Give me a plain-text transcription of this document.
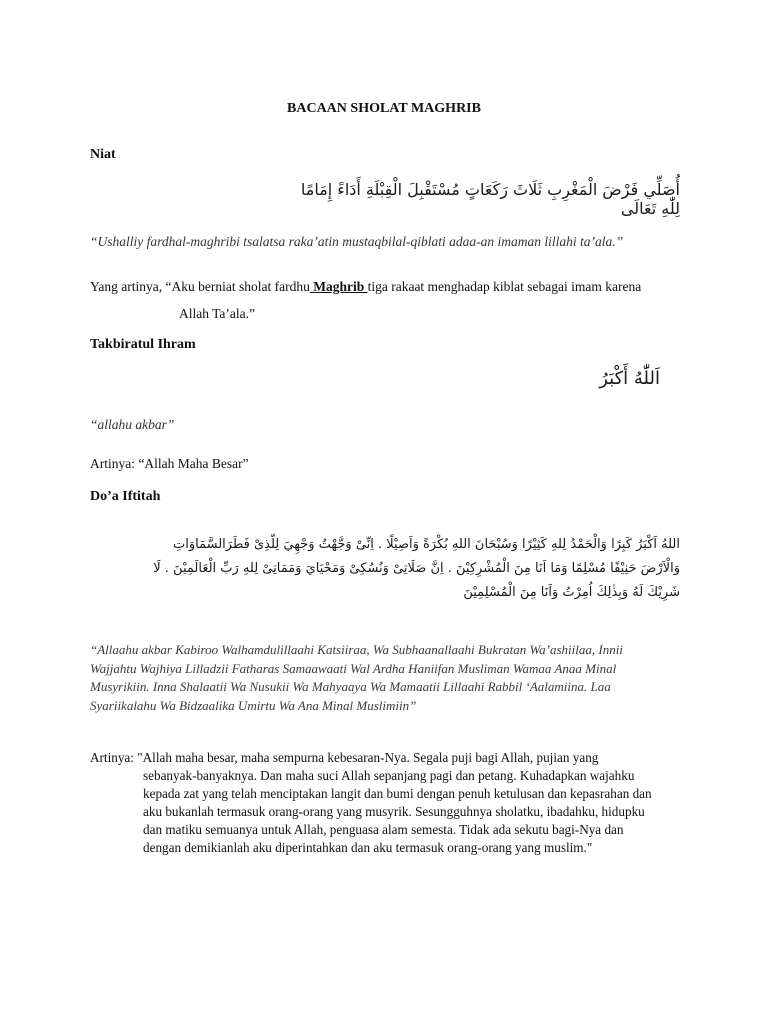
BACAAN SHOLAT MAGHRIB
Niat
أُصَلِّي فَرْضَ الْمَغْرِبِ ثَلَاثَ رَكَعَاتٍ مُسْتَقْبِلَ الْقِبْلَةِ أَدَاءً إِمَامًا لِلّٰهِ تَعَالَى
“Ushalliy fardhal-maghribi tsalatsa raka’atin mustaqbilal-qiblati adaa-an imaman lillahi ta’ala.”
Yang artinya, “Aku berniat sholat fardhu Maghrib tiga rakaat menghadap kiblat sebagai imam karena
Allah Ta’ala.”
Takbiratul Ihram
اَللّٰهُ أَكْبَرُ
“allahu akbar”
Artinya: “Allah Maha Besar”
Do’a Iftitah
اللهُ اَكْبَرُ كَبِرًا وَالْحَمْدُ لِلهِ كَثِيْرًا وَسُبْحَانَ اللهِ بُكْرَةً وَاَصِيْلًا . اِنِّىْ وَجَّهْتُ وَجْهِيَ لِلَّذِىْ فَطَرَالسَّمَاوَاتِ
وَالْاَرْضَ حَنِيْفًا مُسْلِمًا وَمَا اَنَا مِنَ الْمُشْرِكِيْنَ . اِنَّ صَلَاتِىْ وَنُسُكِىْ وَمَحْيَايَ وَمَمَاتِىْ لِلهِ رَبِّ الْعَالَمِيْنَ . لَا
شَرِيْكَ لَهُ وَبِذٰلِكَ اُمِرْتُ وَاَنَا مِنَ الْمُسْلِمِيْنَ
“Allaahu akbar Kabiroo Walhamdulillaahi Katsiiraa, Wa Subhaanallaahi Bukratan Wa’ashiilaa, Innii
Wajjahtu Wajhiya Lilladzii Fatharas Samaawaati Wal Ardha Haniifan Musliman Wamaa Anaa Minal
Musyrikiin. Inna Shalaatii Wa Nusukii Wa Mahyaaya Wa Mamaatii Lillaahi Rabbil ‘Aalamiina. Laa
Syariikalahu Wa Bidzaalika Umirtu Wa Ana Minal Muslimiin”
Artinya: "Allah maha besar, maha sempurna kebesaran-Nya. Segala puji bagi Allah, pujian yang
sebanyak-banyaknya. Dan maha suci Allah sepanjang pagi dan petang. Kuhadapkan wajahku
kepada zat yang telah menciptakan langit dan bumi dengan penuh ketulusan dan kepasrahan dan
aku bukanlah termasuk orang-orang yang musyrik. Sesungguhnya sholatku, ibadahku, hidupku
dan matiku semuanya untuk Allah, penguasa alam semesta. Tidak ada sekutu bagi-Nya dan
dengan demikianlah aku diperintahkan dan aku termasuk orang-orang yang muslim."
